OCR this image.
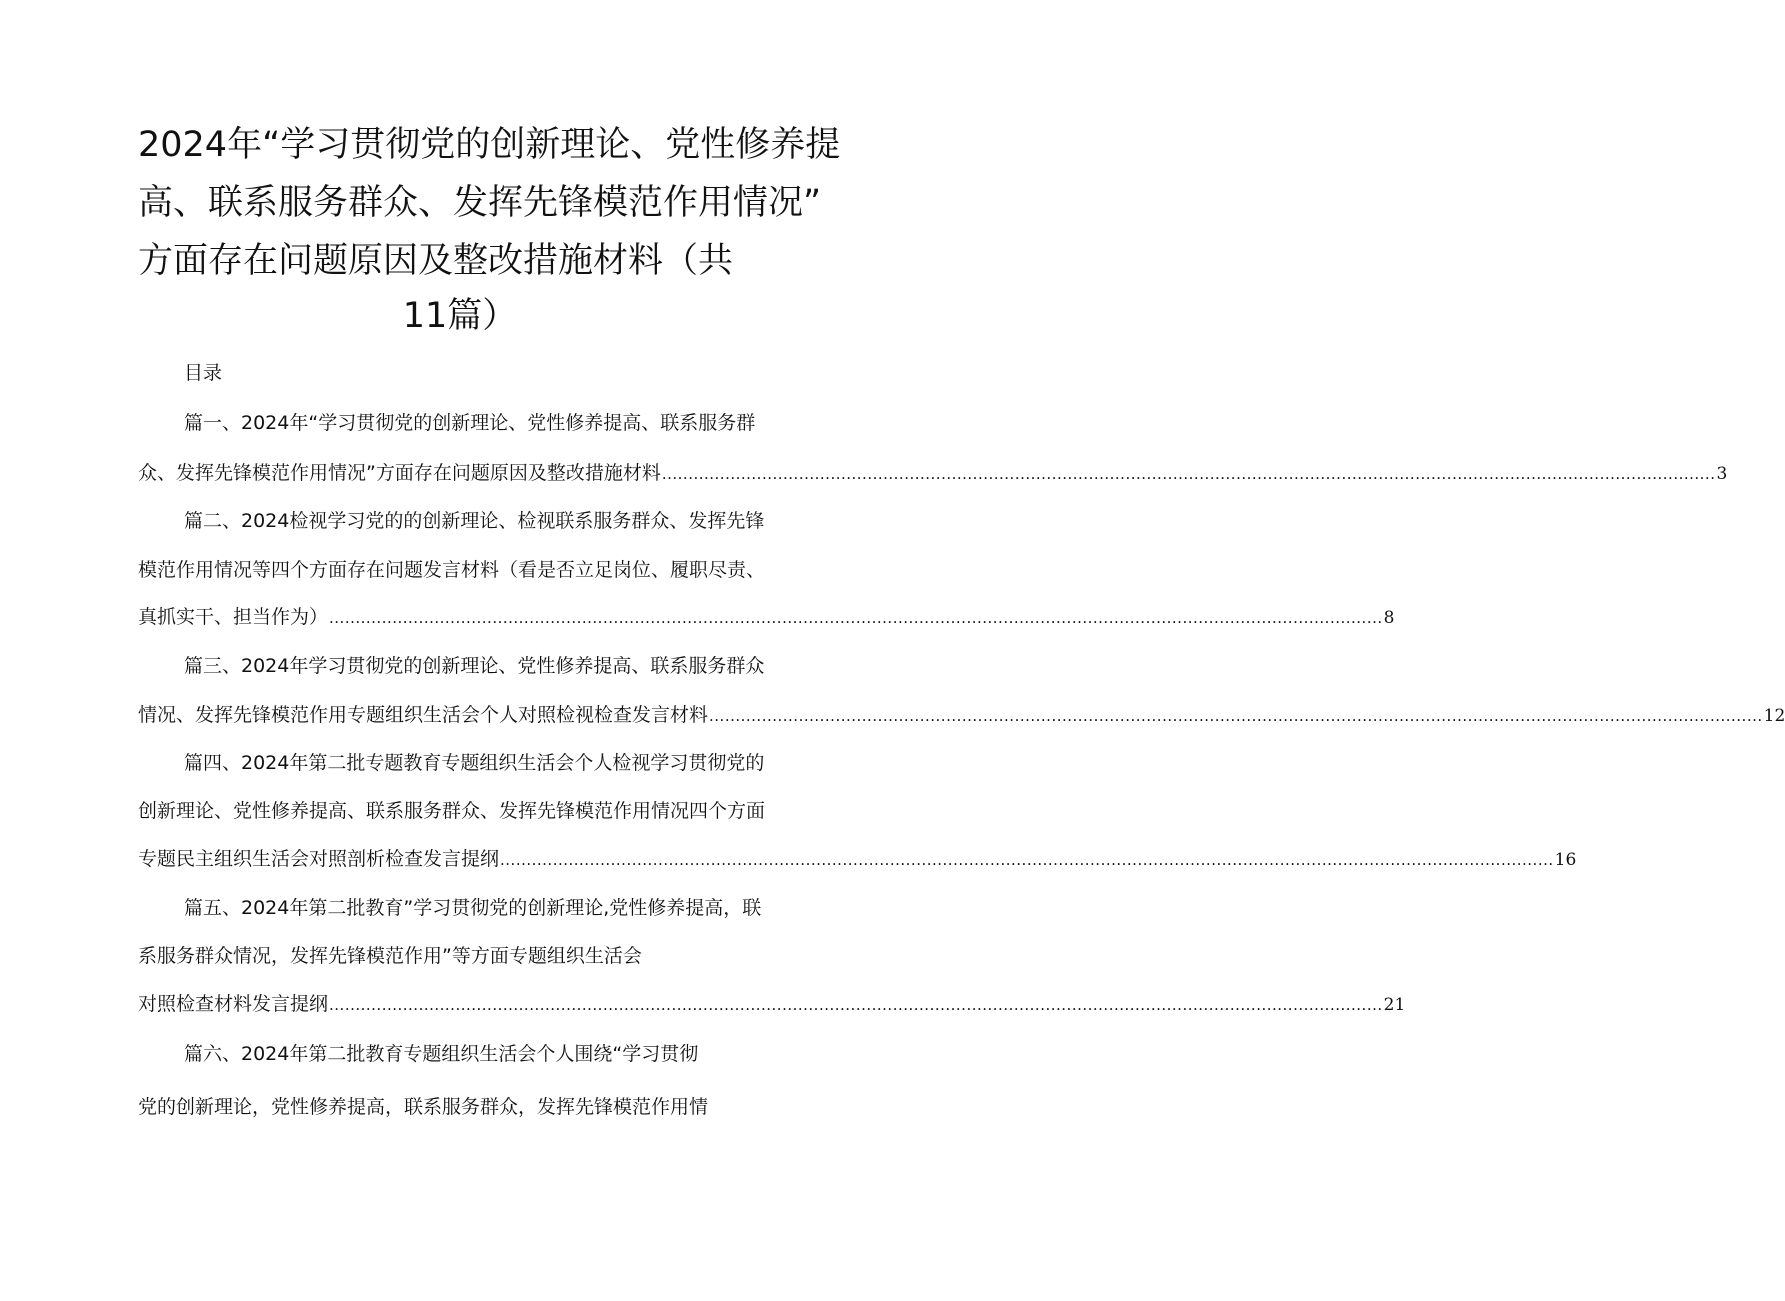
2024年“学习贯彻党的创新理论、党性修养提
高、联系服务群众、发挥先锋模范作用情况”
方面存在问题原因及整改措施材料（共
11篇）
目录
篇一、2024年“学习贯彻党的创新理论、党性修养提高、联系服务群
众、发挥先锋模范作用情况”方面存在问题原因及整改措施材料 ........................................................................................................................................................................................................ 3
篇二、2024检视学习党的的创新理论、检视联系服务群众、发挥先锋
模范作用情况等四个方面存在问题发言材料（看是否立足岗位、履职尽责、
真抓实干、担当作为） ........................................................................................................................................................................................................ 8
篇三、2024年学习贯彻党的创新理论、党性修养提高、联系服务群众
情况、发挥先锋模范作用专题组织生活会个人对照检视检查发言材料 ........................................................................................................................................................................................................ 12
篇四、2024年第二批专题教育专题组织生活会个人检视学习贯彻党的
创新理论、党性修养提高、联系服务群众、发挥先锋模范作用情况四个方面
专题民主组织生活会对照剖析检查发言提纲 ........................................................................................................................................................................................................ 16
篇五、2024年第二批教育”学习贯彻党的创新理论,党性修养提高，联
系服务群众情况，发挥先锋模范作用”等方面专题组织生活会
对照检查材料发言提纲 ........................................................................................................................................................................................................ 21
篇六、2024年第二批教育专题组织生活会个人围绕“学习贯彻
党的创新理论，党性修养提高，联系服务群众，发挥先锋模范作用情
